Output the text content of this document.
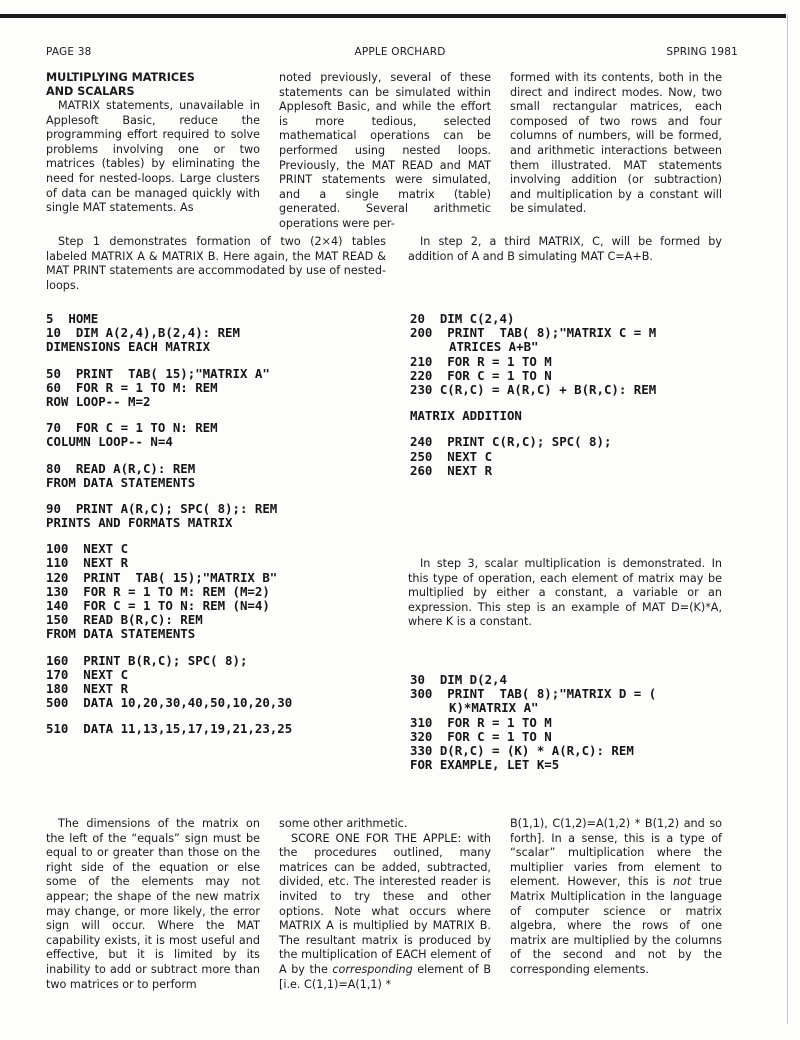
PAGE 38	APPLE ORCHARD	SPRING 1981
MULTIPLYING MATRICES
AND SCALARS

MATRIX statements, unavailable in Applesoft Basic, reduce the programming effort required to solve problems involving one or two matrices (tables) by eliminating the need for nested-loops. Large clusters of data can be managed quickly with single MAT statements. As

noted previously, several of these statements can be simulated within Applesoft Basic, and while the effort is more tedious, selected mathematical operations can be performed using nested loops. Previously, the MAT READ and MAT PRINT statements were simulated, and a single matrix (table) generated. Several arithmetic operations were per-

formed with its contents, both in the direct and indirect modes. Now, two small rectangular matrices, each composed of two rows and four columns of numbers, will be formed, and arithmetic interactions between them illustrated. MAT statements involving addition (or subtraction) and multiplication by a constant will be simulated.

Step 1 demonstrates formation of two (2×4) tables labeled MATRIX A & MATRIX B. Here again, the MAT READ & MAT PRINT statements are accommodated by use of nested-loops.

In step 2, a third MATRIX, C, will be formed by addition of A and B simulating MAT C=A+B.

In step 3, scalar multiplication is demonstrated. In this type of operation, each element of matrix may be multiplied by either a constant, a variable or an expression. This step is an example of MAT D=(K)*A, where K is a constant.

5  HOME
10  DIM A(2,4),B(2,4): REM
DIMENSIONS EACH MATRIX
50  PRINT  TAB( 15);"MATRIX A"
60  FOR R = 1 TO M: REM
ROW LOOP-- M=2
70  FOR C = 1 TO N: REM
COLUMN LOOP-- N=4
80  READ A(R,C): REM
FROM DATA STATEMENTS
90  PRINT A(R,C); SPC( 8);: REM
PRINTS AND FORMATS MATRIX
100  NEXT C
110  NEXT R
120  PRINT  TAB( 15);"MATRIX B"
130  FOR R = 1 TO M: REM (M=2)
140  FOR C = 1 TO N: REM (N=4)
150  READ B(R,C): REM
FROM DATA STATEMENTS
160  PRINT B(R,C); SPC( 8);
170  NEXT C
180  NEXT R
500  DATA 10,20,30,40,50,10,20,30
510  DATA 11,13,15,17,19,21,23,25
20  DIM C(2,4)
200  PRINT  TAB( 8);"MATRIX C = M
ATRICES A+B"
210  FOR R = 1 TO M
220  FOR C = 1 TO N
230 C(R,C) = A(R,C) + B(R,C): REM
MATRIX ADDITION
240  PRINT C(R,C); SPC( 8);
250  NEXT C
260  NEXT R
30  DIM D(2,4
300  PRINT  TAB( 8);"MATRIX D = (
K)*MATRIX A"
310  FOR R = 1 TO M
320  FOR C = 1 TO N
330 D(R,C) = (K) * A(R,C): REM
FOR EXAMPLE, LET K=5

The dimensions of the matrix on the left of the “equals” sign must be equal to or greater than those on the right side of the equation or else some of the elements may not appear; the shape of the new matrix may change, or more likely, the error sign will occur. Where the MAT capability exists, it is most useful and effective, but it is limited by its inability to add or subtract more than two matrices or to perform

some other arithmetic.

SCORE ONE FOR THE APPLE: with the procedures outlined, many matrices can be added, subtracted, divided, etc. The interested reader is invited to try these and other options. Note what occurs where MATRIX A is multiplied by MATRIX B. The resultant matrix is produced by the multiplication of EACH element of A by the corresponding element of B [i.e. C(1,1)=A(1,1) *

B(1,1), C(1,2)=A(1,2) * B(1,2) and so forth]. In a sense, this is a type of “scalar” multiplication where the multiplier varies from element to element. However, this is not true Matrix Multiplication in the language of computer science or matrix algebra, where the rows of one matrix are multiplied by the columns of the second and not by the corresponding elements.
